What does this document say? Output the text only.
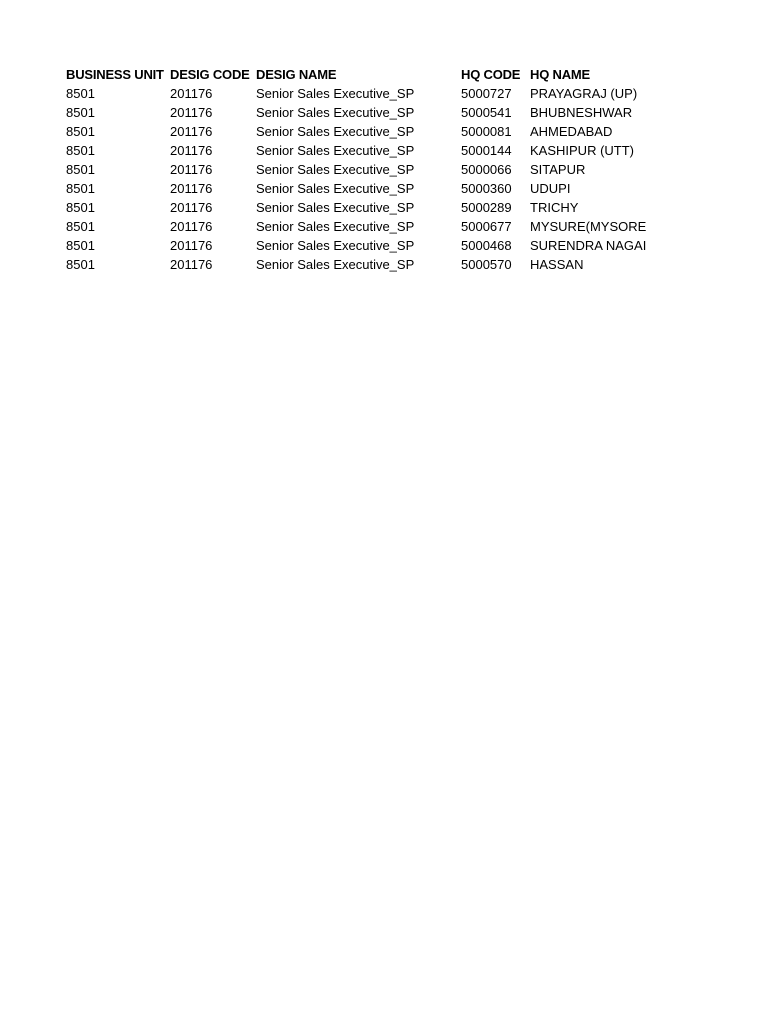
BUSINESS UNIT	DESIG CODE	DESIG NAME	HQ CODE	HQ NAME
8501	201176	Senior Sales Executive_SP	5000727	PRAYAGRAJ (UP)
8501	201176	Senior Sales Executive_SP	5000541	BHUBNESHWAR
8501	201176	Senior Sales Executive_SP	5000081	AHMEDABAD
8501	201176	Senior Sales Executive_SP	5000144	KASHIPUR (UTT)
8501	201176	Senior Sales Executive_SP	5000066	SITAPUR
8501	201176	Senior Sales Executive_SP	5000360	UDUPI
8501	201176	Senior Sales Executive_SP	5000289	TRICHY
8501	201176	Senior Sales Executive_SP	5000677	MYSURE(MYSORE
8501	201176	Senior Sales Executive_SP	5000468	SURENDRA NAGAI
8501	201176	Senior Sales Executive_SP	5000570	HASSAN
